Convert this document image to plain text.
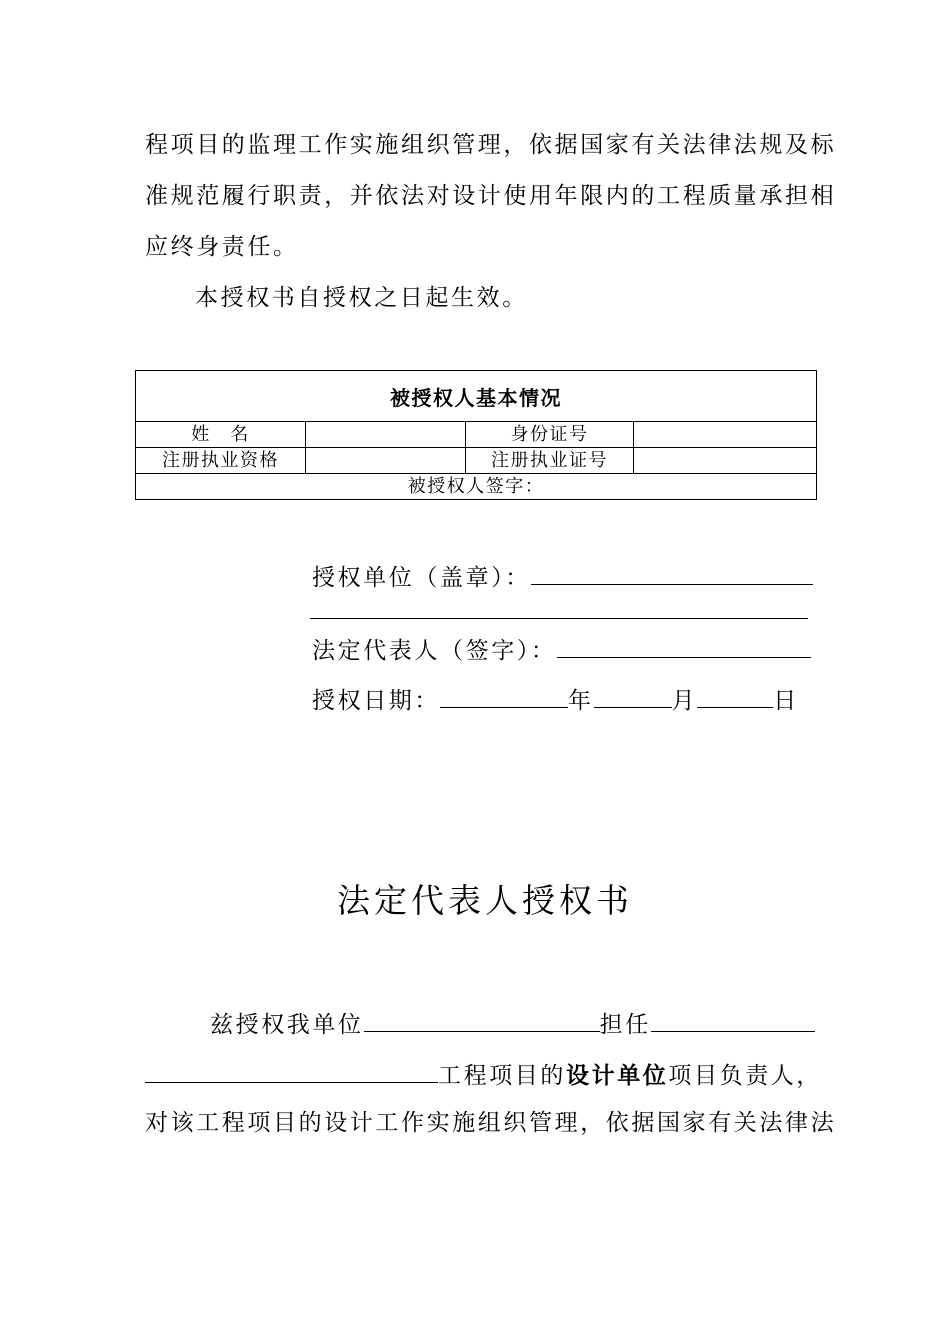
程项目的监理工作实施组织管理，依据国家有关法律法规及标
准规范履行职责，并依法对设计使用年限内的工程质量承担相
应终身责任。
本授权书自授权之日起生效。
被授权人基本情况			
姓　名		身份证号	
注册执业资格		注册执业证号	
被授权人签字：			
授权单位（盖章）：
法定代表人（签字）：
授权日期：	年	月	日
法定代表人授权书
兹授权我单位	担任
工程项目的设计单位项目负责人，
对该工程项目的设计工作实施组织管理，依据国家有关法律法
